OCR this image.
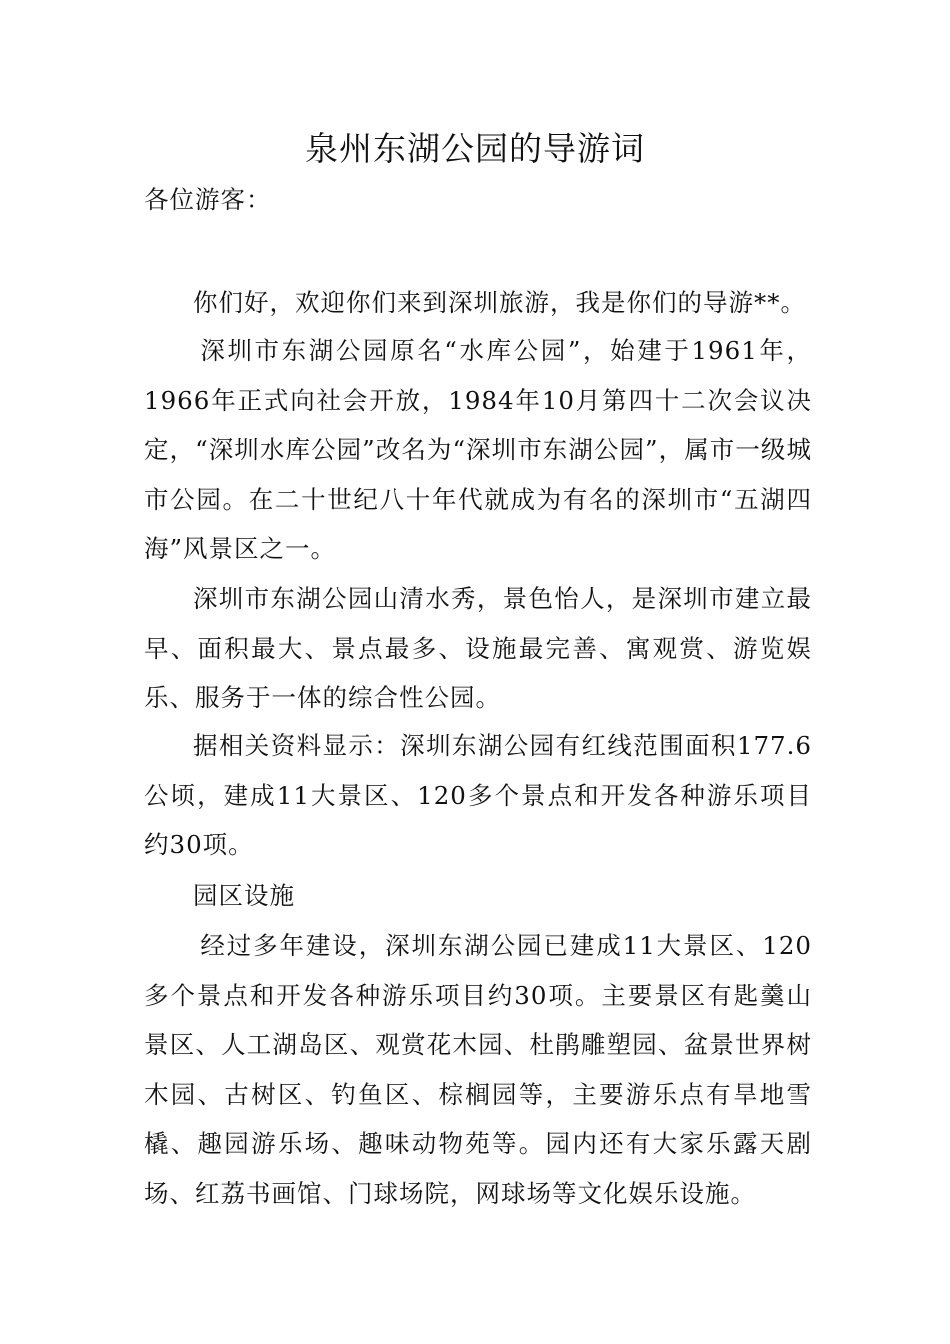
泉州东湖公园的导游词
各位游客：
你们好，欢迎你们来到深圳旅游，我是你们的导游**。
深圳市东湖公园原名“水库公园”，始建于1961年，1966年正式向社会开放，1984年10月第四十二次会议决定，“深圳水库公园”改名为“深圳市东湖公园”，属市一级城市公园。在二十世纪八十年代就成为有名的深圳市“五湖四海”风景区之一。
深圳市东湖公园山清水秀，景色怡人，是深圳市建立最早、面积最大、景点最多、设施最完善、寓观赏、游览娱乐、服务于一体的综合性公园。
据相关资料显示：深圳东湖公园有红线范围面积177.6公顷，建成11大景区、120多个景点和开发各种游乐项目约30项。
园区设施
经过多年建设，深圳东湖公园已建成11大景区、120多个景点和开发各种游乐项目约30项。主要景区有匙羹山景区、人工湖岛区、观赏花木园、杜鹃雕塑园、盆景世界树木园、古树区、钓鱼区、棕榈园等，主要游乐点有旱地雪橇、趣园游乐场、趣味动物苑等。园内还有大家乐露天剧场、红荔书画馆、门球场院，网球场等文化娱乐设施。
